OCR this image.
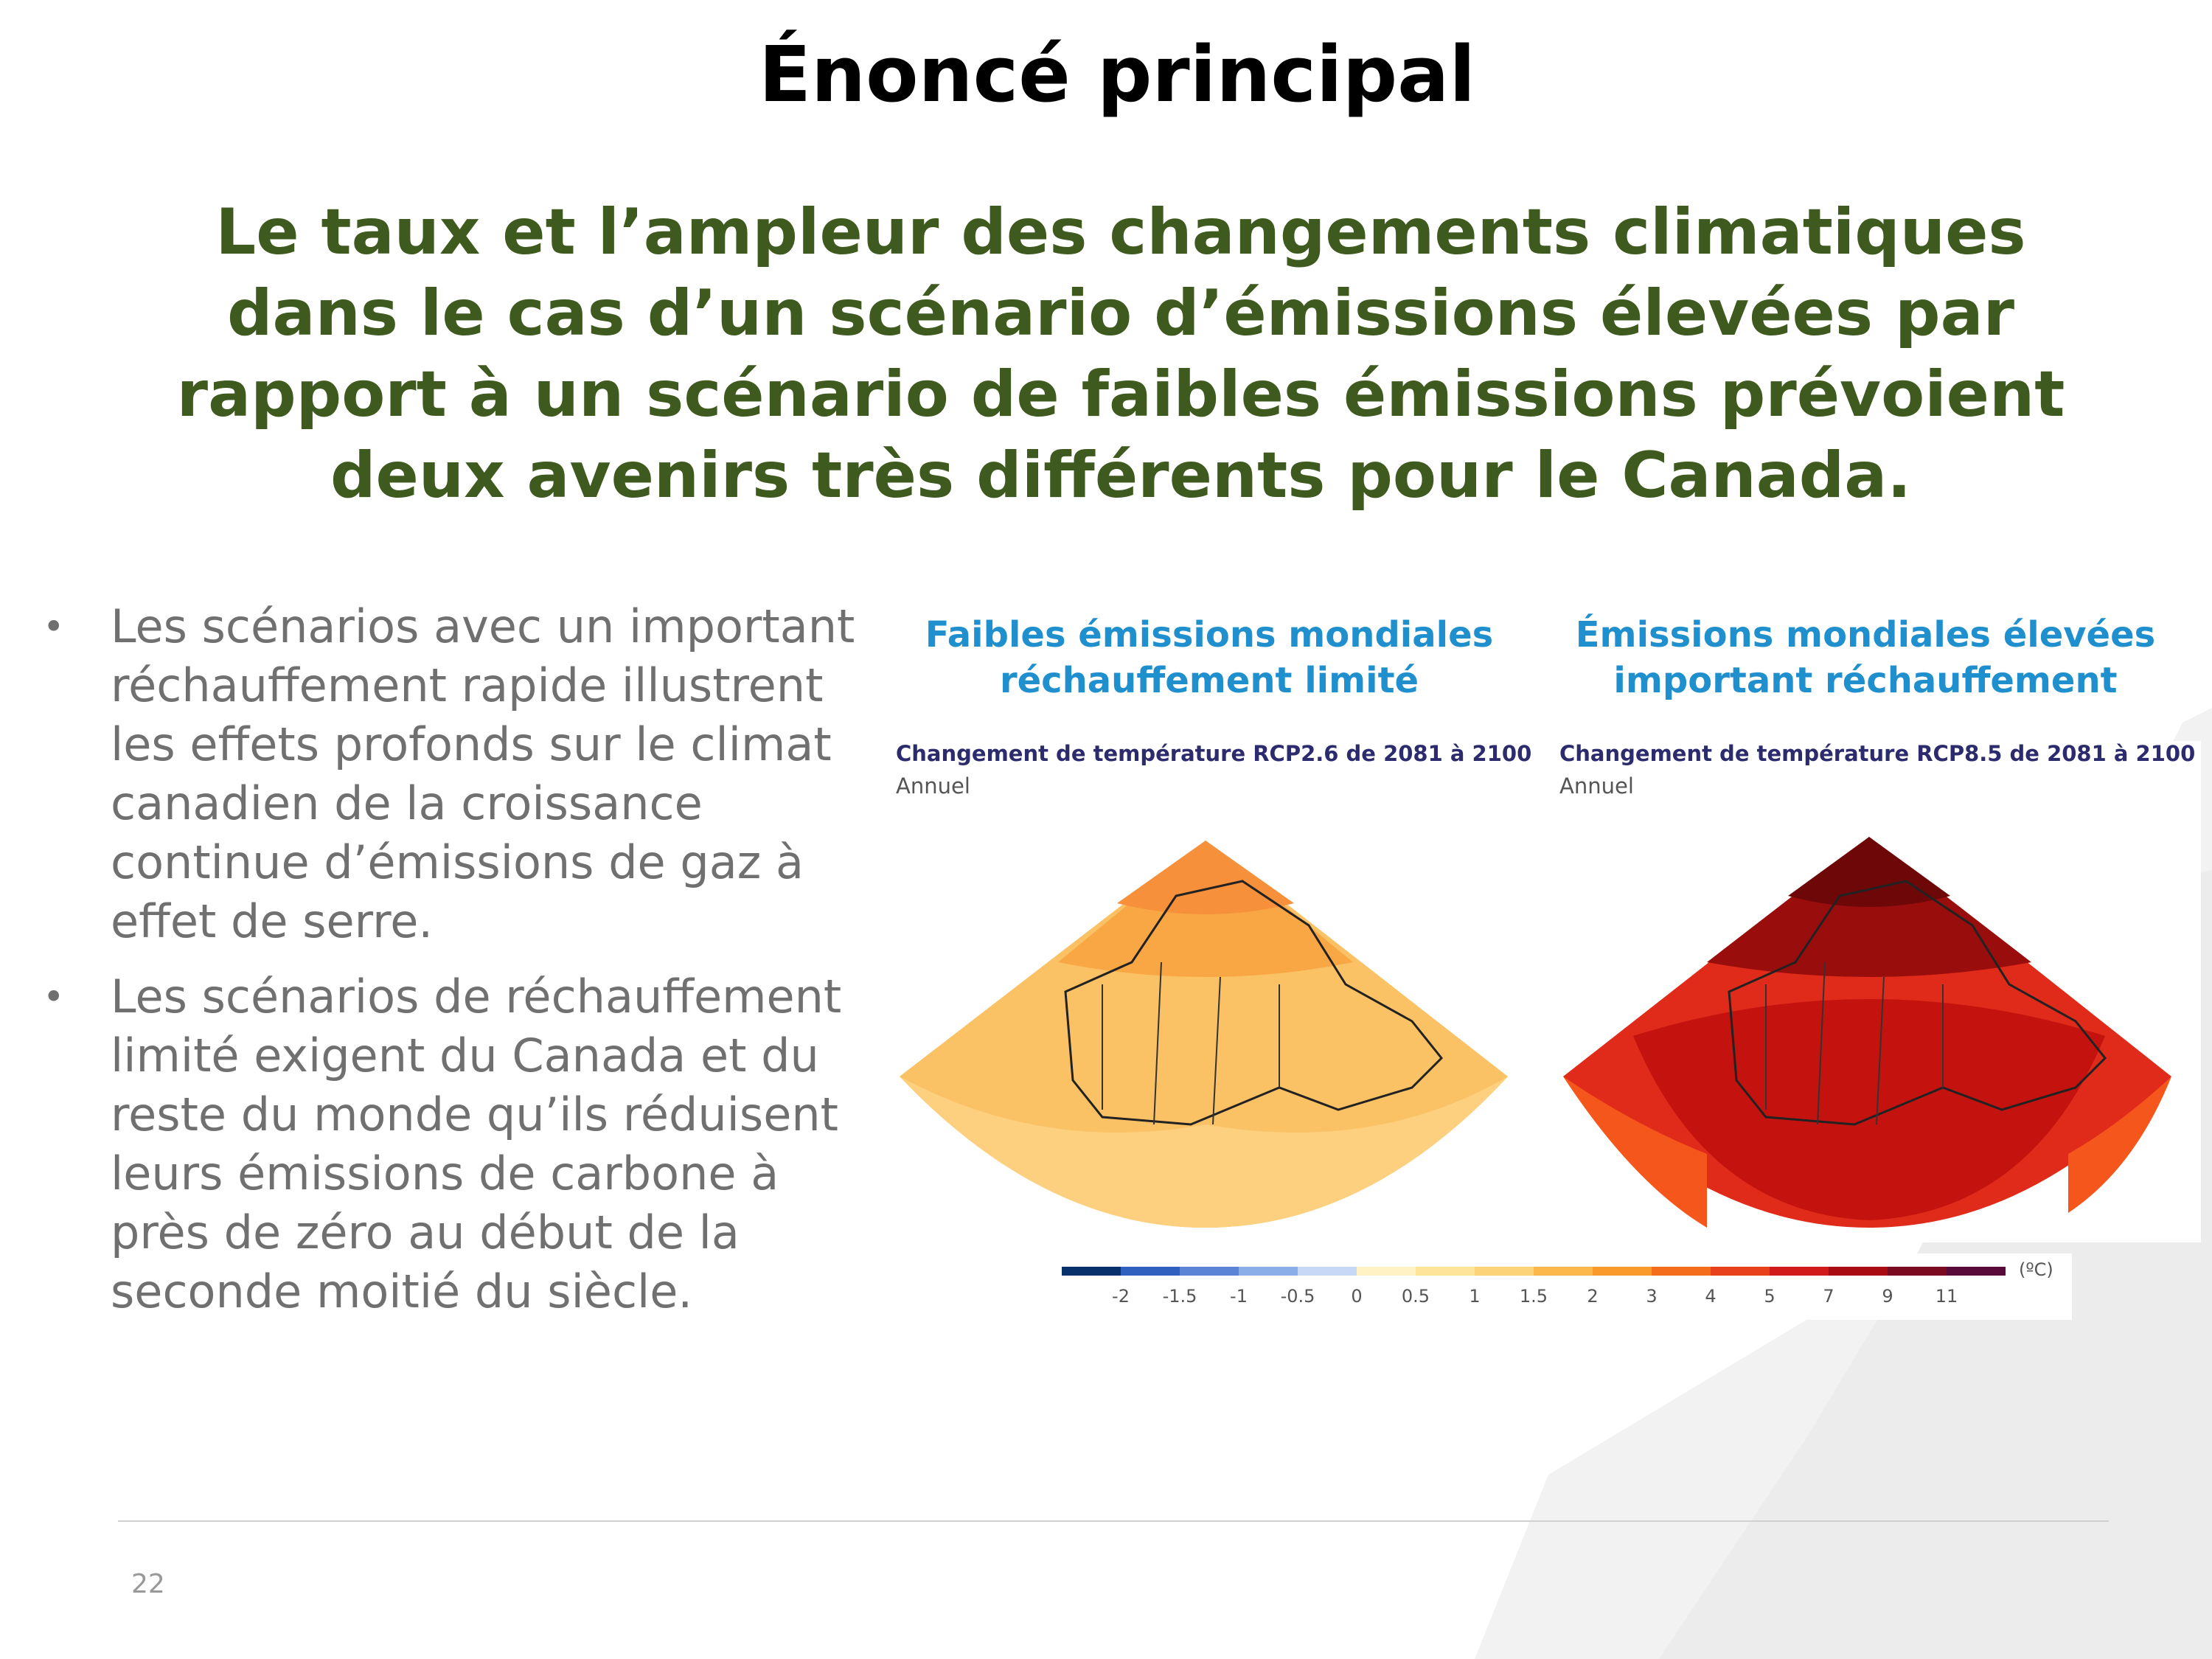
Énoncé principal

Le taux et l’ampleur des changements climatiques dans le cas d’un scénario d’émissions élevées par rapport à un scénario de faibles émissions prévoient deux avenirs très différents pour le Canada.

• Les scénarios avec un important réchauffement rapide illustrent les effets profonds sur le climat canadien de la croissance continue d’émissions de gaz à effet de serre.
• Les scénarios de réchauffement limité exigent du Canada et du reste du monde qu’ils réduisent leurs émissions de carbone à près de zéro au début de la seconde moitié du siècle.
Faibles émissions mondiales
réchauffement limité
Changement de température RCP2.6 de 2081 à 2100
Annuel
Émissions mondiales élevées
important réchauffement
Changement de température RCP8.5 de 2081 à 2100
Annuel
-2 -1.5 -1 -0.5 0 0.5 1 1.5 2	3	4	5	7	9 11
(ºC)
22
